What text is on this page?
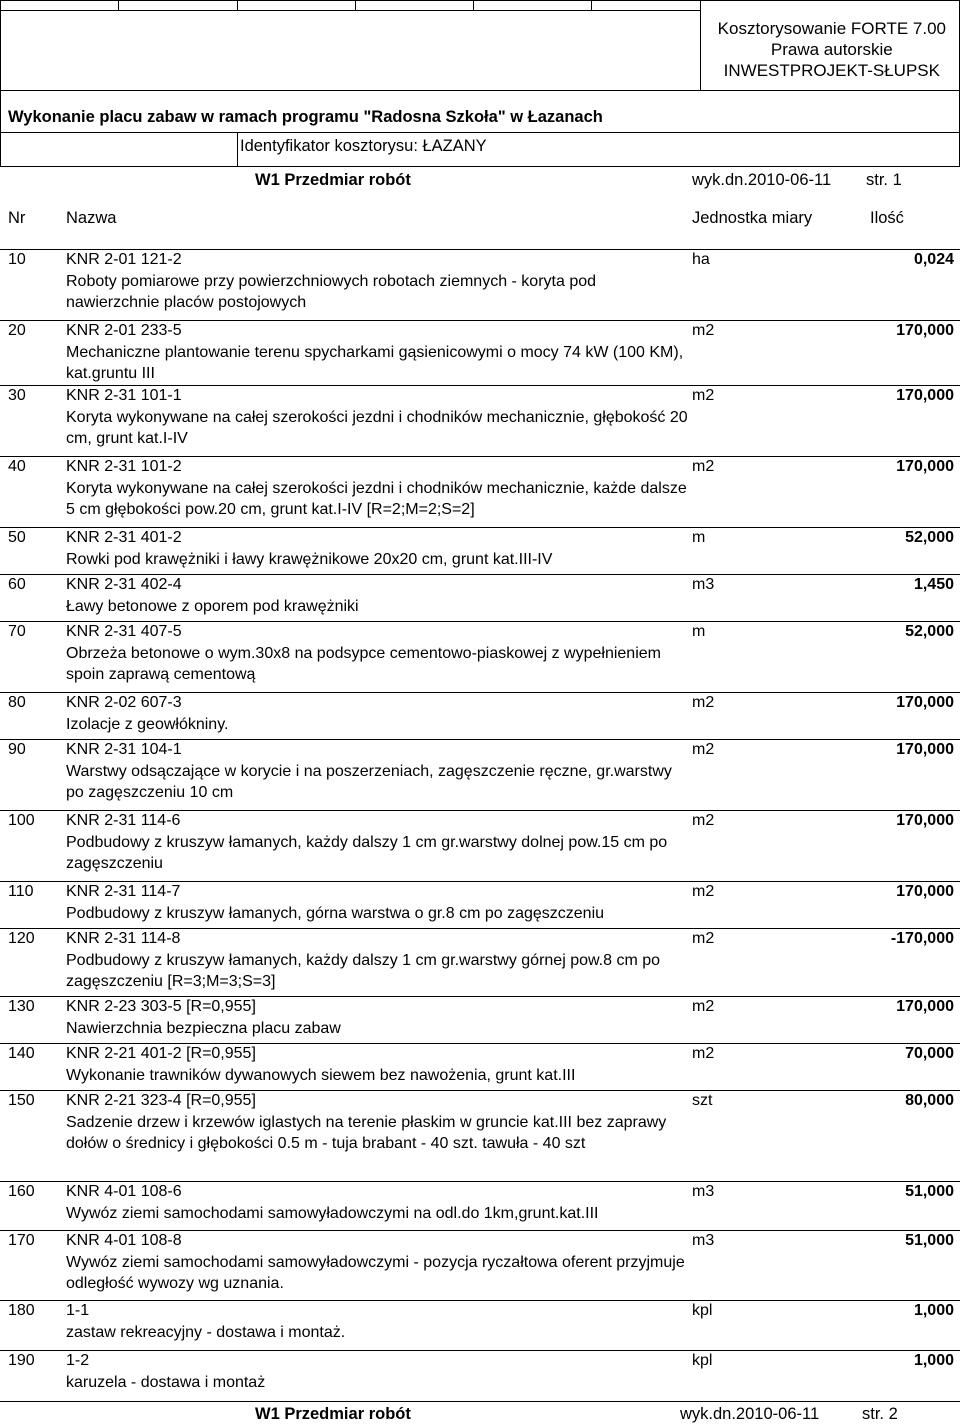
Kosztorysowanie FORTE 7.00
Prawa autorskie
INWESTPROJEKT-SŁUPSK
Wykonanie placu zabaw w ramach programu "Radosna Szkoła" w Łazanach
Identyfikator kosztorysu: ŁAZANY
W1 Przedmiar robót	wyk.dn.2010-06-11 str. 1
Nr Nazwa	Jednostka miary	Ilość
10	KNR 2-01 121-2
Roboty pomiarowe przy powierzchniowych robotach ziemnych - koryta pod nawierzchnie placów postojowych
ha	0,024
20	KNR 2-01 233-5
Mechaniczne plantowanie terenu spycharkami gąsienicowymi o mocy 74 kW (100 KM), kat.gruntu III
m2	170,000
30	KNR 2-31 101-1
Koryta wykonywane na całej szerokości jezdni i chodników mechanicznie, głębokość 20 cm, grunt kat.I-IV
m2	170,000
40	KNR 2-31 101-2
Koryta wykonywane na całej szerokości jezdni i chodników mechanicznie, każde dalsze 5 cm głębokości pow.20 cm, grunt kat.I-IV [R=2;M=2;S=2]
m2	170,000
50	KNR 2-31 401-2
Rowki pod krawężniki i ławy krawężnikowe 20x20 cm, grunt kat.III-IV
m	52,000
60	KNR 2-31 402-4
Ławy betonowe z oporem pod krawężniki
m3	1,450
70	KNR 2-31 407-5
Obrzeża betonowe o wym.30x8 na podsypce cementowo-piaskowej z wypełnieniem spoin zaprawą cementową
m	52,000
80	KNR 2-02 607-3
Izolacje z geowłókniny.
m2	170,000
90	KNR 2-31 104-1
Warstwy odsączające w korycie i na poszerzeniach, zagęszczenie ręczne, gr.warstwy po zagęszczeniu 10 cm
m2	170,000
100 KNR 2-31 114-6
Podbudowy z kruszyw łamanych, każdy dalszy 1 cm gr.warstwy dolnej pow.15 cm po zagęszczeniu
m2	170,000
110 KNR 2-31 114-7
Podbudowy z kruszyw łamanych, górna warstwa o gr.8 cm po zagęszczeniu
m2	170,000
120 KNR 2-31 114-8
Podbudowy z kruszyw łamanych, każdy dalszy 1 cm gr.warstwy górnej pow.8 cm po zagęszczeniu [R=3;M=3;S=3]
m2	-170,000
130 KNR 2-23 303-5 [R=0,955]
Nawierzchnia bezpieczna placu zabaw
m2	170,000
140 KNR 2-21 401-2 [R=0,955]
Wykonanie trawników dywanowych siewem bez nawożenia, grunt kat.III
m2	70,000
150 KNR 2-21 323-4 [R=0,955]
Sadzenie drzew i krzewów iglastych na terenie płaskim w gruncie kat.III bez zaprawy dołów o średnicy i głębokości 0.5 m - tuja brabant - 40 szt. tawuła - 40 szt
szt	80,000
160 KNR 4-01 108-6
Wywóz ziemi samochodami samowyładowczymi na odl.do 1km,grunt.kat.III
m3	51,000
170 KNR 4-01 108-8
Wywóz ziemi samochodami samowyładowczymi - pozycja ryczałtowa oferent przyjmuje odległość wywozy wg uznania.
m3	51,000
180 1-1
zastaw rekreacyjny - dostawa i montaż.
kpl	1,000
190 1-2
karuzela - dostawa i montaż
kpl	1,000
W1 Przedmiar robót	wyk.dn.2010-06-11	str. 2
